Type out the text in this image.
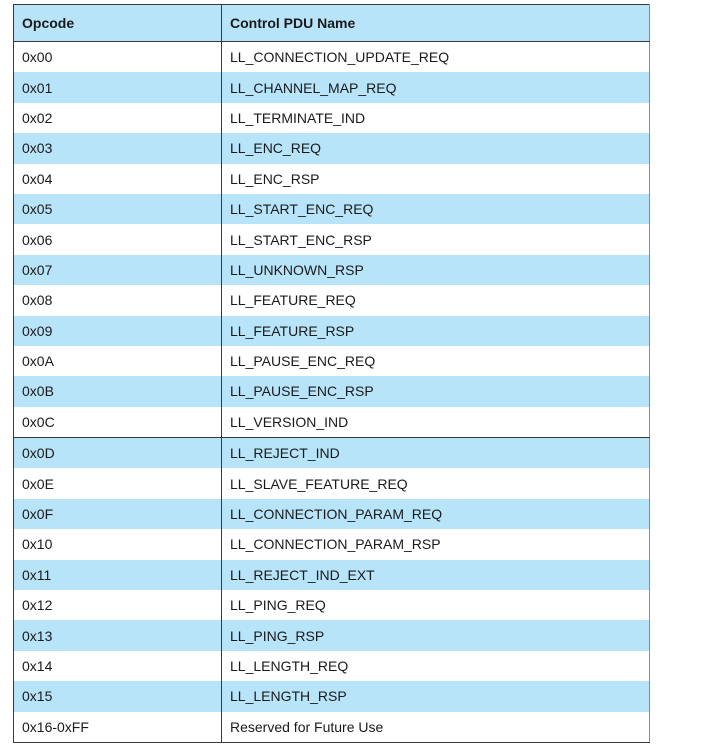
Opcode	Control PDU Name
0x00	LL_CONNECTION_UPDATE_REQ
0x01	LL_CHANNEL_MAP_REQ
0x02	LL_TERMINATE_IND
0x03	LL_ENC_REQ
0x04	LL_ENC_RSP
0x05	LL_START_ENC_REQ
0x06	LL_START_ENC_RSP
0x07	LL_UNKNOWN_RSP
0x08	LL_FEATURE_REQ
0x09	LL_FEATURE_RSP
0x0A	LL_PAUSE_ENC_REQ
0x0B	LL_PAUSE_ENC_RSP
0x0C	LL_VERSION_IND
0x0D	LL_REJECT_IND
0x0E	LL_SLAVE_FEATURE_REQ
0x0F	LL_CONNECTION_PARAM_REQ
0x10	LL_CONNECTION_PARAM_RSP
0x11	LL_REJECT_IND_EXT
0x12	LL_PING_REQ
0x13	LL_PING_RSP
0x14	LL_LENGTH_REQ
0x15	LL_LENGTH_RSP
0x16-0xFF	Reserved for Future Use
